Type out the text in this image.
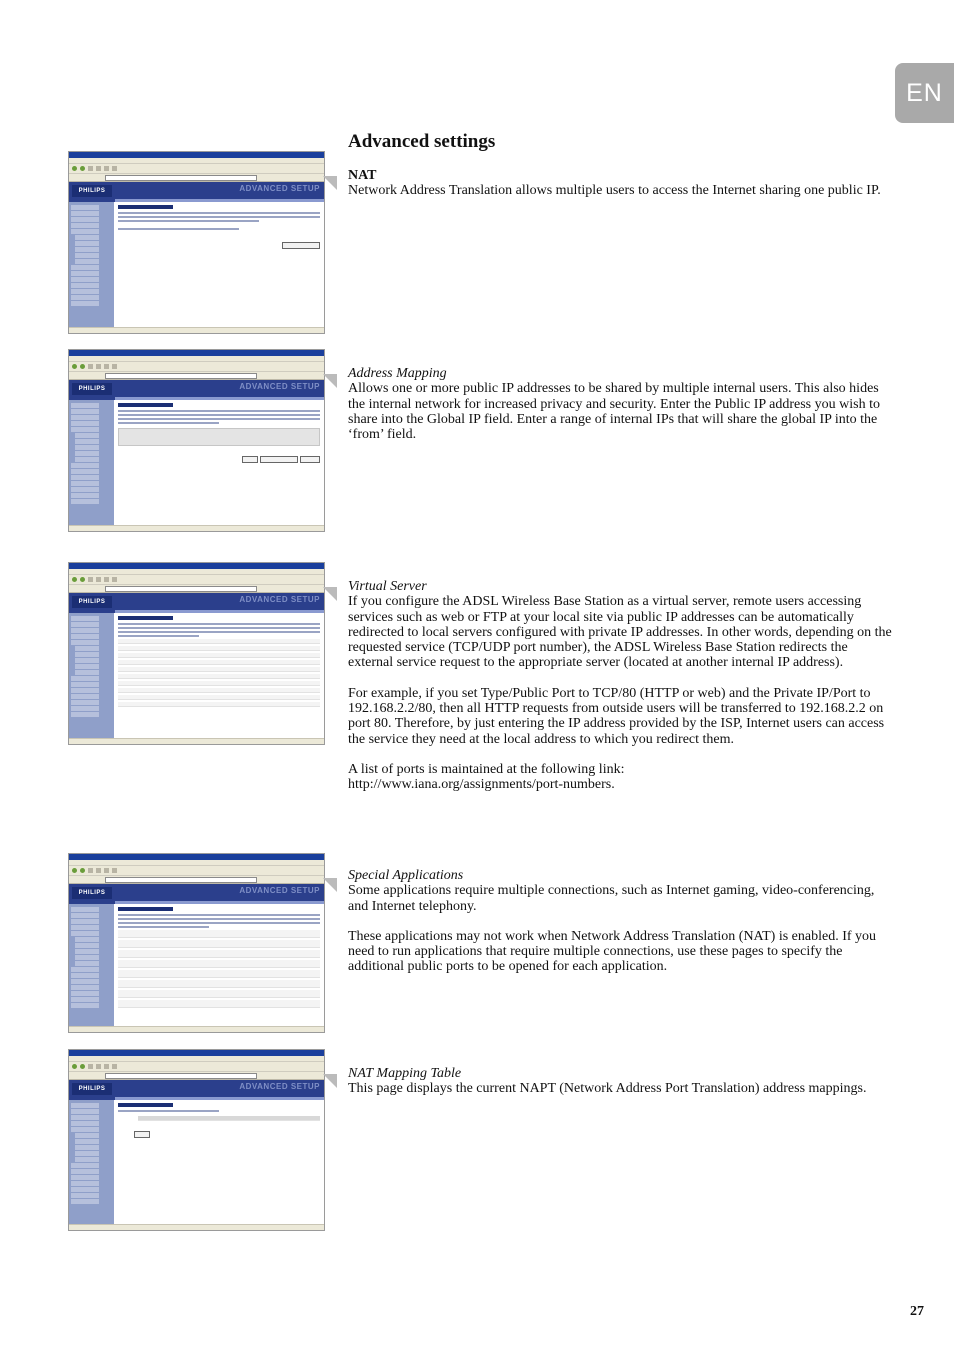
EN
Advanced settings
NAT

Network Address Translation allows multiple users to access the Internet sharing one public IP.

Address Mapping

Allows one or more public IP addresses to be shared by multiple internal users. This also hides the internal network for increased privacy and security. Enter the Public IP address you wish to share into the Global IP field. Enter a range of internal IPs that will share the global IP into the ‘from’ field.

Virtual Server

If you configure the ADSL Wireless Base Station as a virtual server, remote users accessing services such as web or FTP at your local site via public IP addresses can be automatically redirected to local servers configured with private IP addresses. In other words, depending on the requested service (TCP/UDP port number), the ADSL Wireless Base Station redirects the external service request to the appropriate server (located at another internal IP address).

For example, if you set Type/Public Port to TCP/80 (HTTP or web) and the Private IP/Port to 192.168.2.2/80, then all HTTP requests from outside users will be transferred to 192.168.2.2 on port 80. Therefore, by just entering the IP address provided by the ISP, Internet users can access the service they need at the local address to which you redirect them.

A list of ports is maintained at the following link:

http://www.iana.org/assignments/port-numbers.

Special Applications

Some applications require multiple connections, such as Internet gaming, video-conferencing, and Internet telephony.

These applications may not work when Network Address Translation (NAT) is enabled. If you need to run applications that require multiple connections, use these pages to specify the additional public ports to be opened for each application.

NAT Mapping Table

This page displays the current NAPT (Network Address Port Translation) address mappings.

27
PHILIPS	ADVANCED SETUP
PHILIPS	ADVANCED SETUP
PHILIPS	ADVANCED SETUP
PHILIPS	ADVANCED SETUP
PHILIPS	ADVANCED SETUP
